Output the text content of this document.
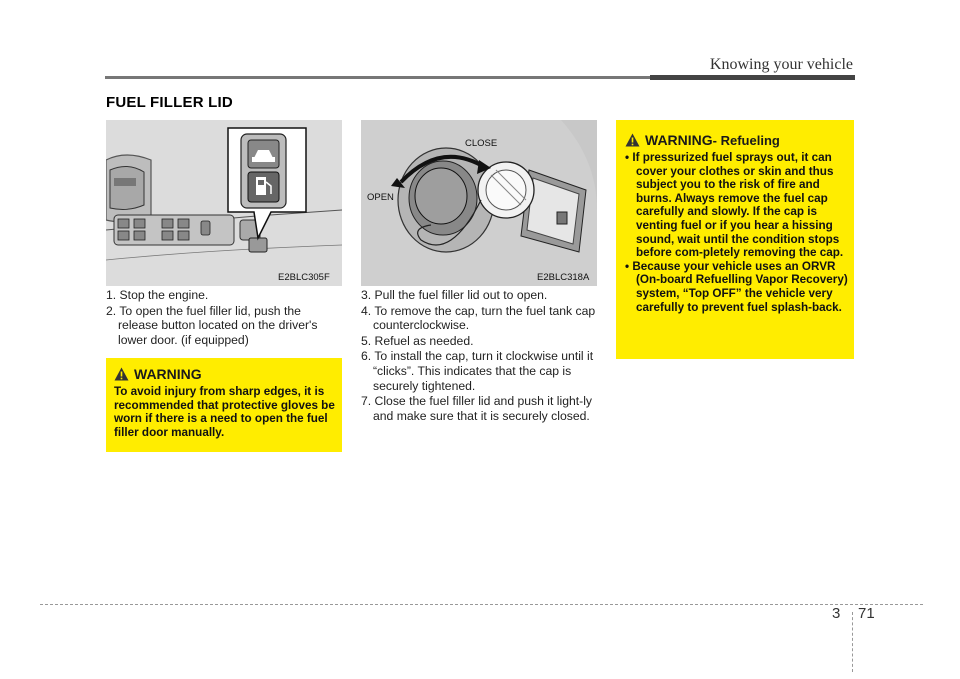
Knowing your vehicle
FUEL FILLER LID
E2BLC305F
CLOSE
OPEN
E2BLC318A

1. Stop the engine.

2. To open the fuel filler lid, push the release button located on the driver's lower door. (if equipped)

3. Pull the fuel filler lid out to open.

4. To remove the cap, turn the fuel tank cap counterclockwise.

5. Refuel as needed.

6. To install the cap, turn it clockwise until it “clicks”. This indicates that the cap is securely tightened.

7. Close the fuel filler lid and push it light-ly and make sure that it is securely closed.

WARNING
To avoid injury from sharp edges, it is recommended that protective gloves be worn if there is a need to open the fuel filler door manually.
WARNING - Refueling
• If pressurized fuel sprays out, it can cover your clothes or skin and thus subject you to the risk of fire and burns. Always remove the fuel cap carefully and slowly. If the cap is venting fuel or if you hear a hissing sound, wait until the condition stops before com-pletely removing the cap.
• Because your vehicle uses an ORVR (On-board Refuelling Vapor Recovery) system, “Top OFF” the vehicle very carefully to prevent fuel splash-back.
3 71
